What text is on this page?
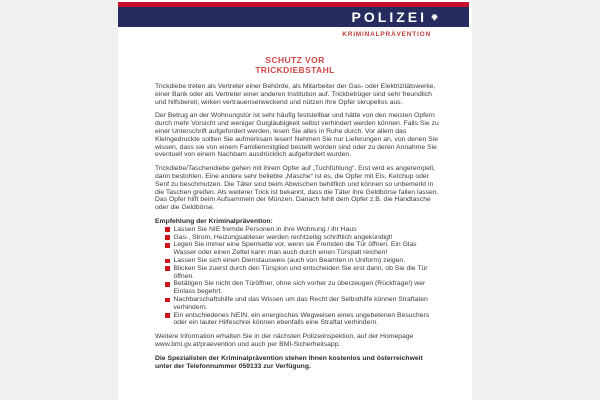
POLIZEI
KRIMINALPRÄVENTION
SCHUTZ VOR
TRICKDIEBSTAHL

Trickdiebe treten als Vertreter einer Behörde, als Mitarbeiter der Gas- oder Elektrizitätswerke, einer Bank oder als Vertreter einer anderen Institution auf. Trickbetrüger sind sehr freundlich und hilfsbereit, wirken vertrauenserweckend und nützen ihre Opfer skrupellos aus.

Der Betrug an der Wohnungstür ist sehr häufig feststellbar und hätte von den meisten Opfern durch mehr Vorsicht und weniger Gutgläubigkeit selbst verhindert werden können. Falls Sie zu einer Unterschrift aufgefordert werden, lesen Sie alles in Ruhe durch. Vor allem das Kleingedruckte sollten Sie aufmerksam lesen! Nehmen Sie nur Lieferungen an, von denen Sie wissen, dass sie von einem Familienmitglied bestellt worden sind oder zu deren Annahme Sie eventuell von einem Nachbarn ausdrücklich aufgefordert wurden.

Trickdiebe/Taschendiebe gehen mit ihrem Opfer auf „Tuchfühlung“. Erst wird es angerempelt, dann bestohlen. Eine andere sehr beliebte „Masche“ ist es, die Opfer mit Eis, Ketchup oder Senf zu beschmutzen. Die Täter sind beim Abwischen behilflich und können so unbemerkt in die Taschen greifen. Als weiterer Trick ist bekannt, dass die Täter ihre Geldbörse fallen lassen. Das Opfer hilft beim Aufsammeln der Münzen. Danach fehlt dem Opfer z.B. die Handtasche oder die Geldbörse.

Empfehlung der Kriminalprävention:
Lassen Sie NIE fremde Personen in ihre Wohnung / ihr Haus
Gas-, Strom, Heizungsableser werden rechtzeitig schriftlich angekündigt!
Legen Sie immer eine Sperrkette vor, wenn sie Fremden die Tür öffnen. Ein Glas Wasser oder einen Zettel kann man auch durch einen Türspalt reichen!
Lassen Sie sich einen Dienstausweis (auch von Beamten in Uniform) zeigen.
Blicken Sie zuerst durch den Türspion und entscheiden Sie erst dann, ob Sie die Tür öffnen.
Betätigen Sie nicht den Türöffner, ohne sich vorher zu überzeugen (Rückfrage!) wer Einlass begehrt.
Nachbarschaftshilfe und das Wissen um das Recht der Selbsthilfe können Straftaten verhindern.
Ein entschiedenes NEIN, ein energisches Wegweisen eines ungebetenen Besuchers oder ein lauter Hilfeschrei können ebenfalls eine Straftat verhindern.

Weitere Information erhalten Sie in der nächsten Polizeiinspektion, auf der Homepage www.bmi.gv.at/praevention und auch per BMI-Sicherheitsapp.

Die Spezialisten der Kriminalprävention stehen Ihnen kostenlos und österreichweit unter der Telefonnummer 059133 zur Verfügung.
